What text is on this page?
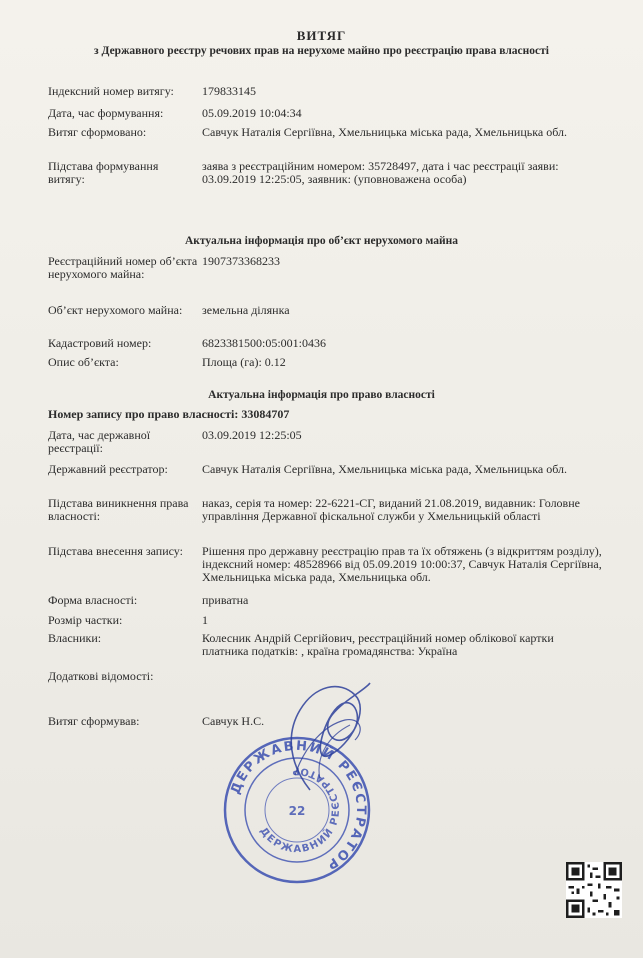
ВИТЯГ
з Державного реєстру речових прав на нерухоме майно про реєстрацію права власності
Індексний номер витягу:	179833145
Дата, час формування:	05.09.2019 10:04:34
Витяг сформовано:	Савчук Наталія Сергіївна, Хмельницька міська рада, Хмельницька обл.
Підстава формування витягу:
заява з реєстраційним номером: 35728497, дата і час реєстрації заяви: 03.09.2019 12:25:05, заявник: (уповноважена особа)
Актуальна інформація про об’єкт нерухомого майна
Реєстраційний номер об’єкта нерухомого майна:
1907373368233
Об’єкт нерухомого майна:	земельна ділянка
Кадастровий номер:	6823381500:05:001:0436
Опис об’єкта:	Площа (га): 0.12
Актуальна інформація про право власності
Номер запису про право власності: 33084707
Дата, час державної реєстрації:
03.09.2019 12:25:05
Державний реєстратор:	Савчук Наталія Сергіївна, Хмельницька міська рада, Хмельницька обл.
Підстава виникнення права власності:
наказ, серія та номер: 22-6221-СГ, виданий 21.08.2019, видавник: Головне управління Державної фіскальної служби у Хмельницькій області
Підстава внесення запису:	Рішення про державну реєстрацію прав та їх обтяжень (з відкриттям розділу), індексний номер: 48528966 від 05.09.2019 10:00:37, Савчук Наталія Сергіївна, Хмельницька міська рада, Хмельницька обл.
Форма власності:	приватна
Розмір частки:	1
Власники:	Колесник Андрій Сергійович, реєстраційний номер облікової картки платника податків: , країна громадянства: Україна
Додаткові відомості:
Витяг сформував:	Савчук Н.С.
ДЕРЖАВНИЙ РЕЄСТРАТОР
ДЕРЖАВНИЙ РЕЄСТРАТОР
22
